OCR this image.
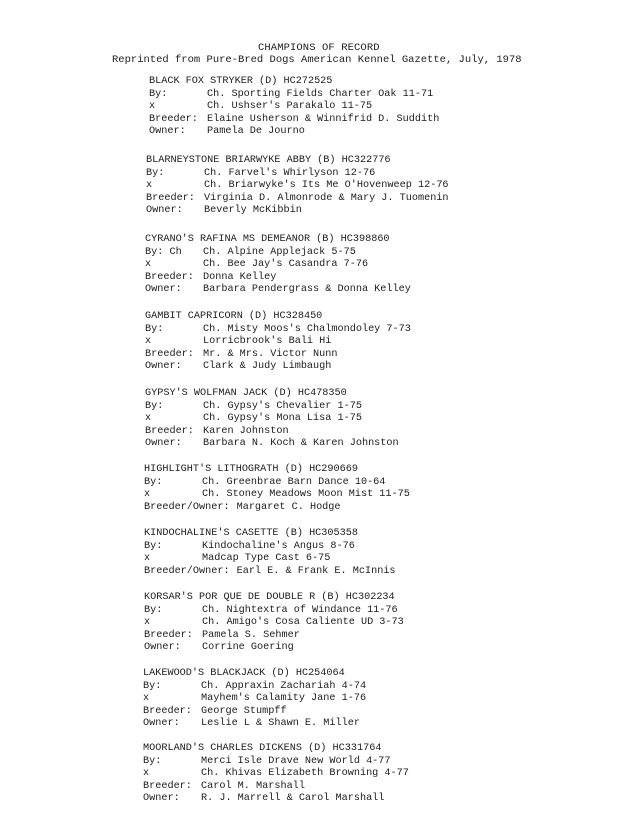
CHAMPIONS OF RECORD
Reprinted from Pure-Bred Dogs American Kennel Gazette, July, 1978
BLACK FOX STRYKER (D) HC272525
By:	Ch. Sporting Fields Charter Oak 11-71
x	Ch. Ushser's Parakalo 11-75
Breeder: Elaine Usherson & Winnifrid D. Suddith
Owner:	Pamela De Journo
BLARNEYSTONE BRIARWYKE ABBY (B) HC322776
By:	Ch. Farvel's Whirlyson 12-76
x	Ch. Briarwyke's Its Me O'Hovenweep 12-76
Breeder: Virginia D. Almonrode & Mary J. Tuomenin
Owner:	Beverly McKibbin
CYRANO'S RAFINA MS DEMEANOR (B) HC398860
By: Ch	Ch. Alpine Applejack 5-75
x	Ch. Bee Jay's Casandra 7-76
Breeder: Donna Kelley
Owner:	Barbara Pendergrass & Donna Kelley
GAMBIT CAPRICORN (D) HC328450
By:	Ch. Misty Moos's Chalmondoley 7-73
x	Lorricbrook's Bali Hi
Breeder: Mr. & Mrs. Victor Nunn
Owner:	Clark & Judy Limbaugh
GYPSY'S WOLFMAN JACK (D) HC478350
By:	Ch. Gypsy's Chevalier 1-75
x	Ch. Gypsy's Mona Lisa 1-75
Breeder: Karen Johnston
Owner:	Barbara N. Koch & Karen Johnston
HIGHLIGHT'S LITHOGRATH (D) HC290669
By:	Ch. Greenbrae Barn Dance 10-64
x	Ch. Stoney Meadows Moon Mist 11-75
Breeder/Owner: Margaret C. Hodge
KINDOCHALINE'S CASETTE (B) HC305358
By:	Kindochaline's Angus 8-76
x	Madcap Type Cast 6-75
Breeder/Owner: Earl E. & Frank E. McInnis
KORSAR'S POR QUE DE DOUBLE R (B) HC302234
By:	Ch. Nightextra of Windance 11-76
x	Ch. Amigo's Cosa Caliente UD 3-73
Breeder: Pamela S. Sehmer
Owner:	Corrine Goering
LAKEWOOD'S BLACKJACK (D) HC254064
By:	Ch. Appraxin Zachariah 4-74
x	Mayhem's Calamity Jane 1-76
Breeder: George Stumpff
Owner:	Leslie L & Shawn E. Miller
MOORLAND'S CHARLES DICKENS (D) HC331764
By:	Merci Isle Drave New World 4-77
x	Ch. Khivas Elizabeth Browning 4-77
Breeder: Carol M. Marshall
Owner:	R. J. Marrell & Carol Marshall
